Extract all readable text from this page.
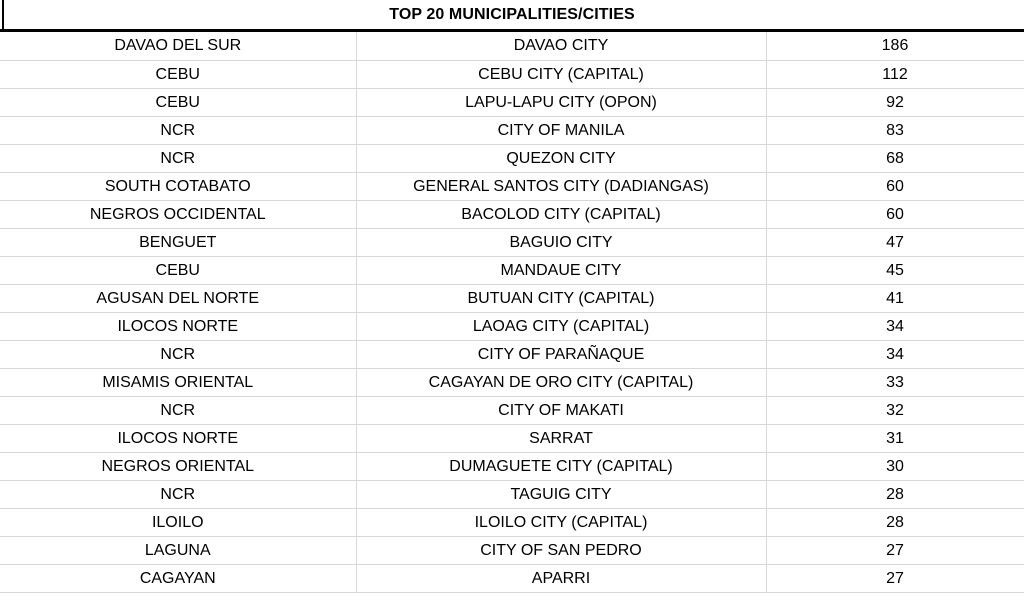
TOP 20 MUNICIPALITIES/CITIES
DAVAO DEL SUR	DAVAO CITY	186
CEBU	CEBU CITY (CAPITAL)	112
CEBU	LAPU-LAPU CITY (OPON)	92
NCR	CITY OF MANILA	83
NCR	QUEZON CITY	68
SOUTH COTABATO	GENERAL SANTOS CITY (DADIANGAS)	60
NEGROS OCCIDENTAL	BACOLOD CITY (CAPITAL)	60
BENGUET	BAGUIO CITY	47
CEBU	MANDAUE CITY	45
AGUSAN DEL NORTE	BUTUAN CITY (CAPITAL)	41
ILOCOS NORTE	LAOAG CITY (CAPITAL)	34
NCR	CITY OF PARAÑAQUE	34
MISAMIS ORIENTAL	CAGAYAN DE ORO CITY (CAPITAL)	33
NCR	CITY OF MAKATI	32
ILOCOS NORTE	SARRAT	31
NEGROS ORIENTAL	DUMAGUETE CITY (CAPITAL)	30
NCR	TAGUIG CITY	28
ILOILO	ILOILO CITY (CAPITAL)	28
LAGUNA	CITY OF SAN PEDRO	27
CAGAYAN	APARRI	27
